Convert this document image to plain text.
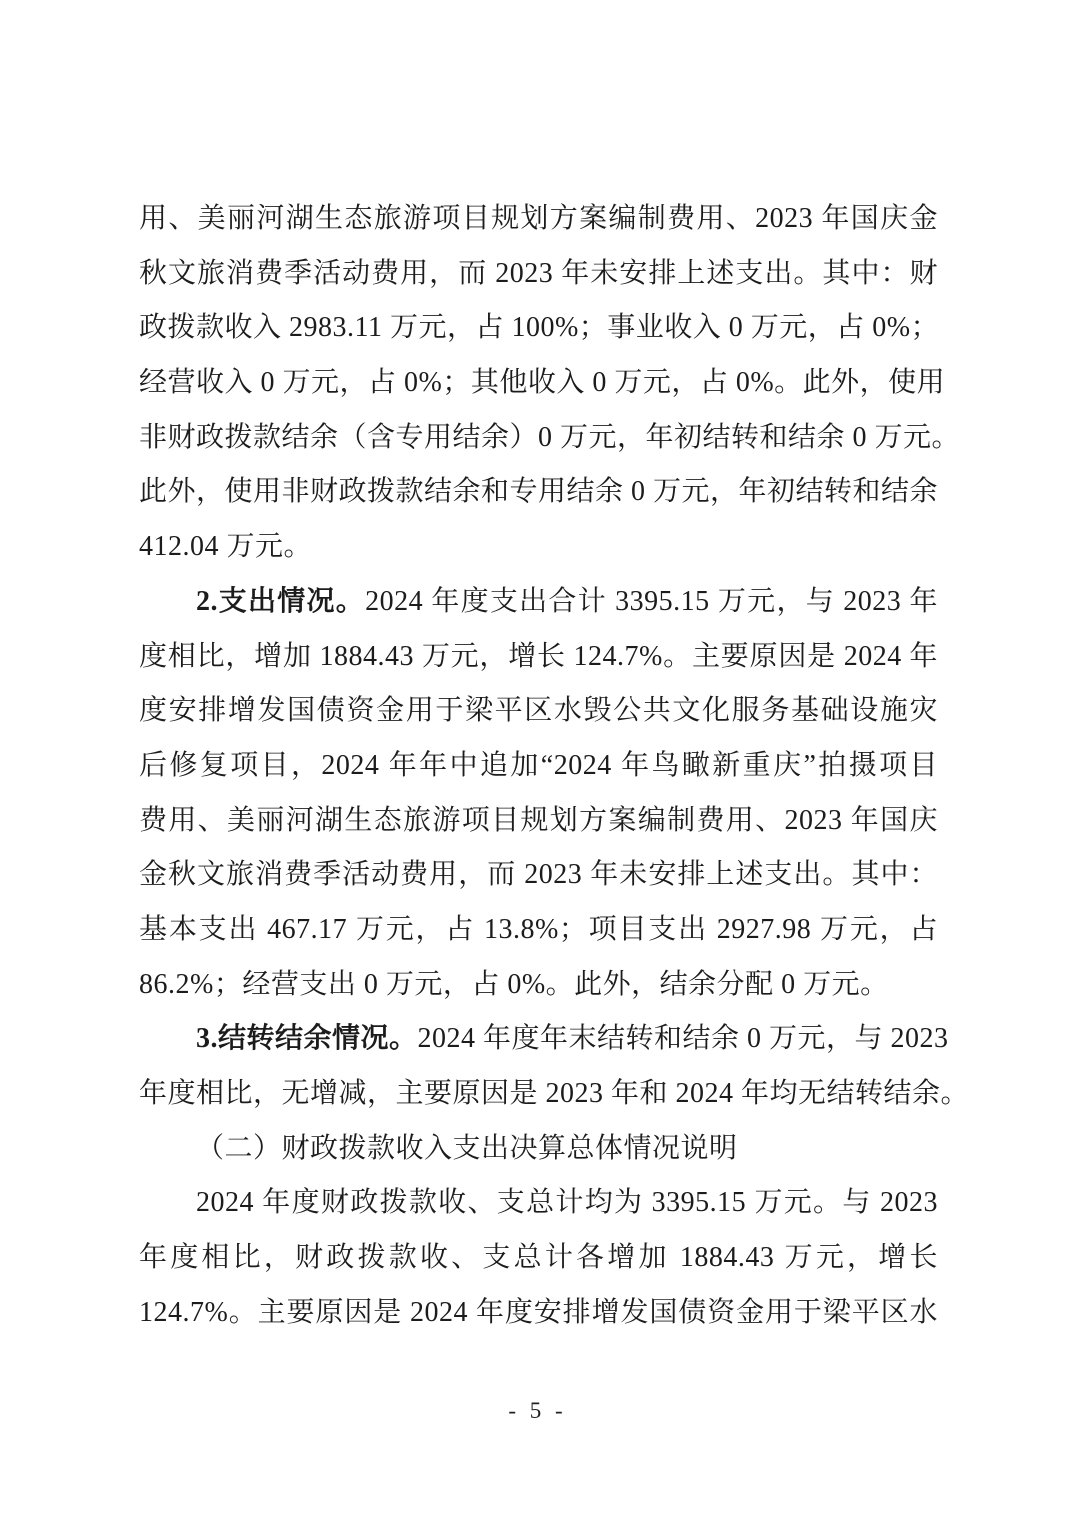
用、美丽河湖生态旅游项目规划方案编制费用、2023 年国庆金
秋文旅消费季活动费用，而 2023 年未安排上述支出。其中：财
政拨款收入 2983.11 万元，占 100%；事业收入 0 万元，占 0%；
经营收入 0 万元，占 0%；其他收入 0 万元，占 0%。此外，使用
非财政拨款结余（含专用结余）0 万元，年初结转和结余 0 万元。
此外，使用非财政拨款结余和专用结余 0 万元，年初结转和结余
412.04 万元。
2.支出情况。2024 年度支出合计 3395.15 万元，与 2023 年
度相比，增加 1884.43 万元，增长 124.7%。主要原因是 2024 年
度安排增发国债资金用于梁平区水毁公共文化服务基础设施灾
后修复项目，2024 年年中追加“2024 年鸟瞰新重庆”拍摄项目
费用、美丽河湖生态旅游项目规划方案编制费用、2023 年国庆
金秋文旅消费季活动费用，而 2023 年未安排上述支出。其中：
基本支出 467.17 万元，占 13.8%；项目支出 2927.98 万元，占
86.2%；经营支出 0 万元，占 0%。此外，结余分配 0 万元。
3.结转结余情况。2024 年度年末结转和结余 0 万元，与 2023
年度相比，无增减，主要原因是 2023 年和 2024 年均无结转结余。
（二）财政拨款收入支出决算总体情况说明
2024 年度财政拨款收、支总计均为 3395.15 万元。与 2023
年度相比，财政拨款收、支总计各增加 1884.43 万元，增长
124.7%。主要原因是 2024 年度安排增发国债资金用于梁平区水
- 5 -
